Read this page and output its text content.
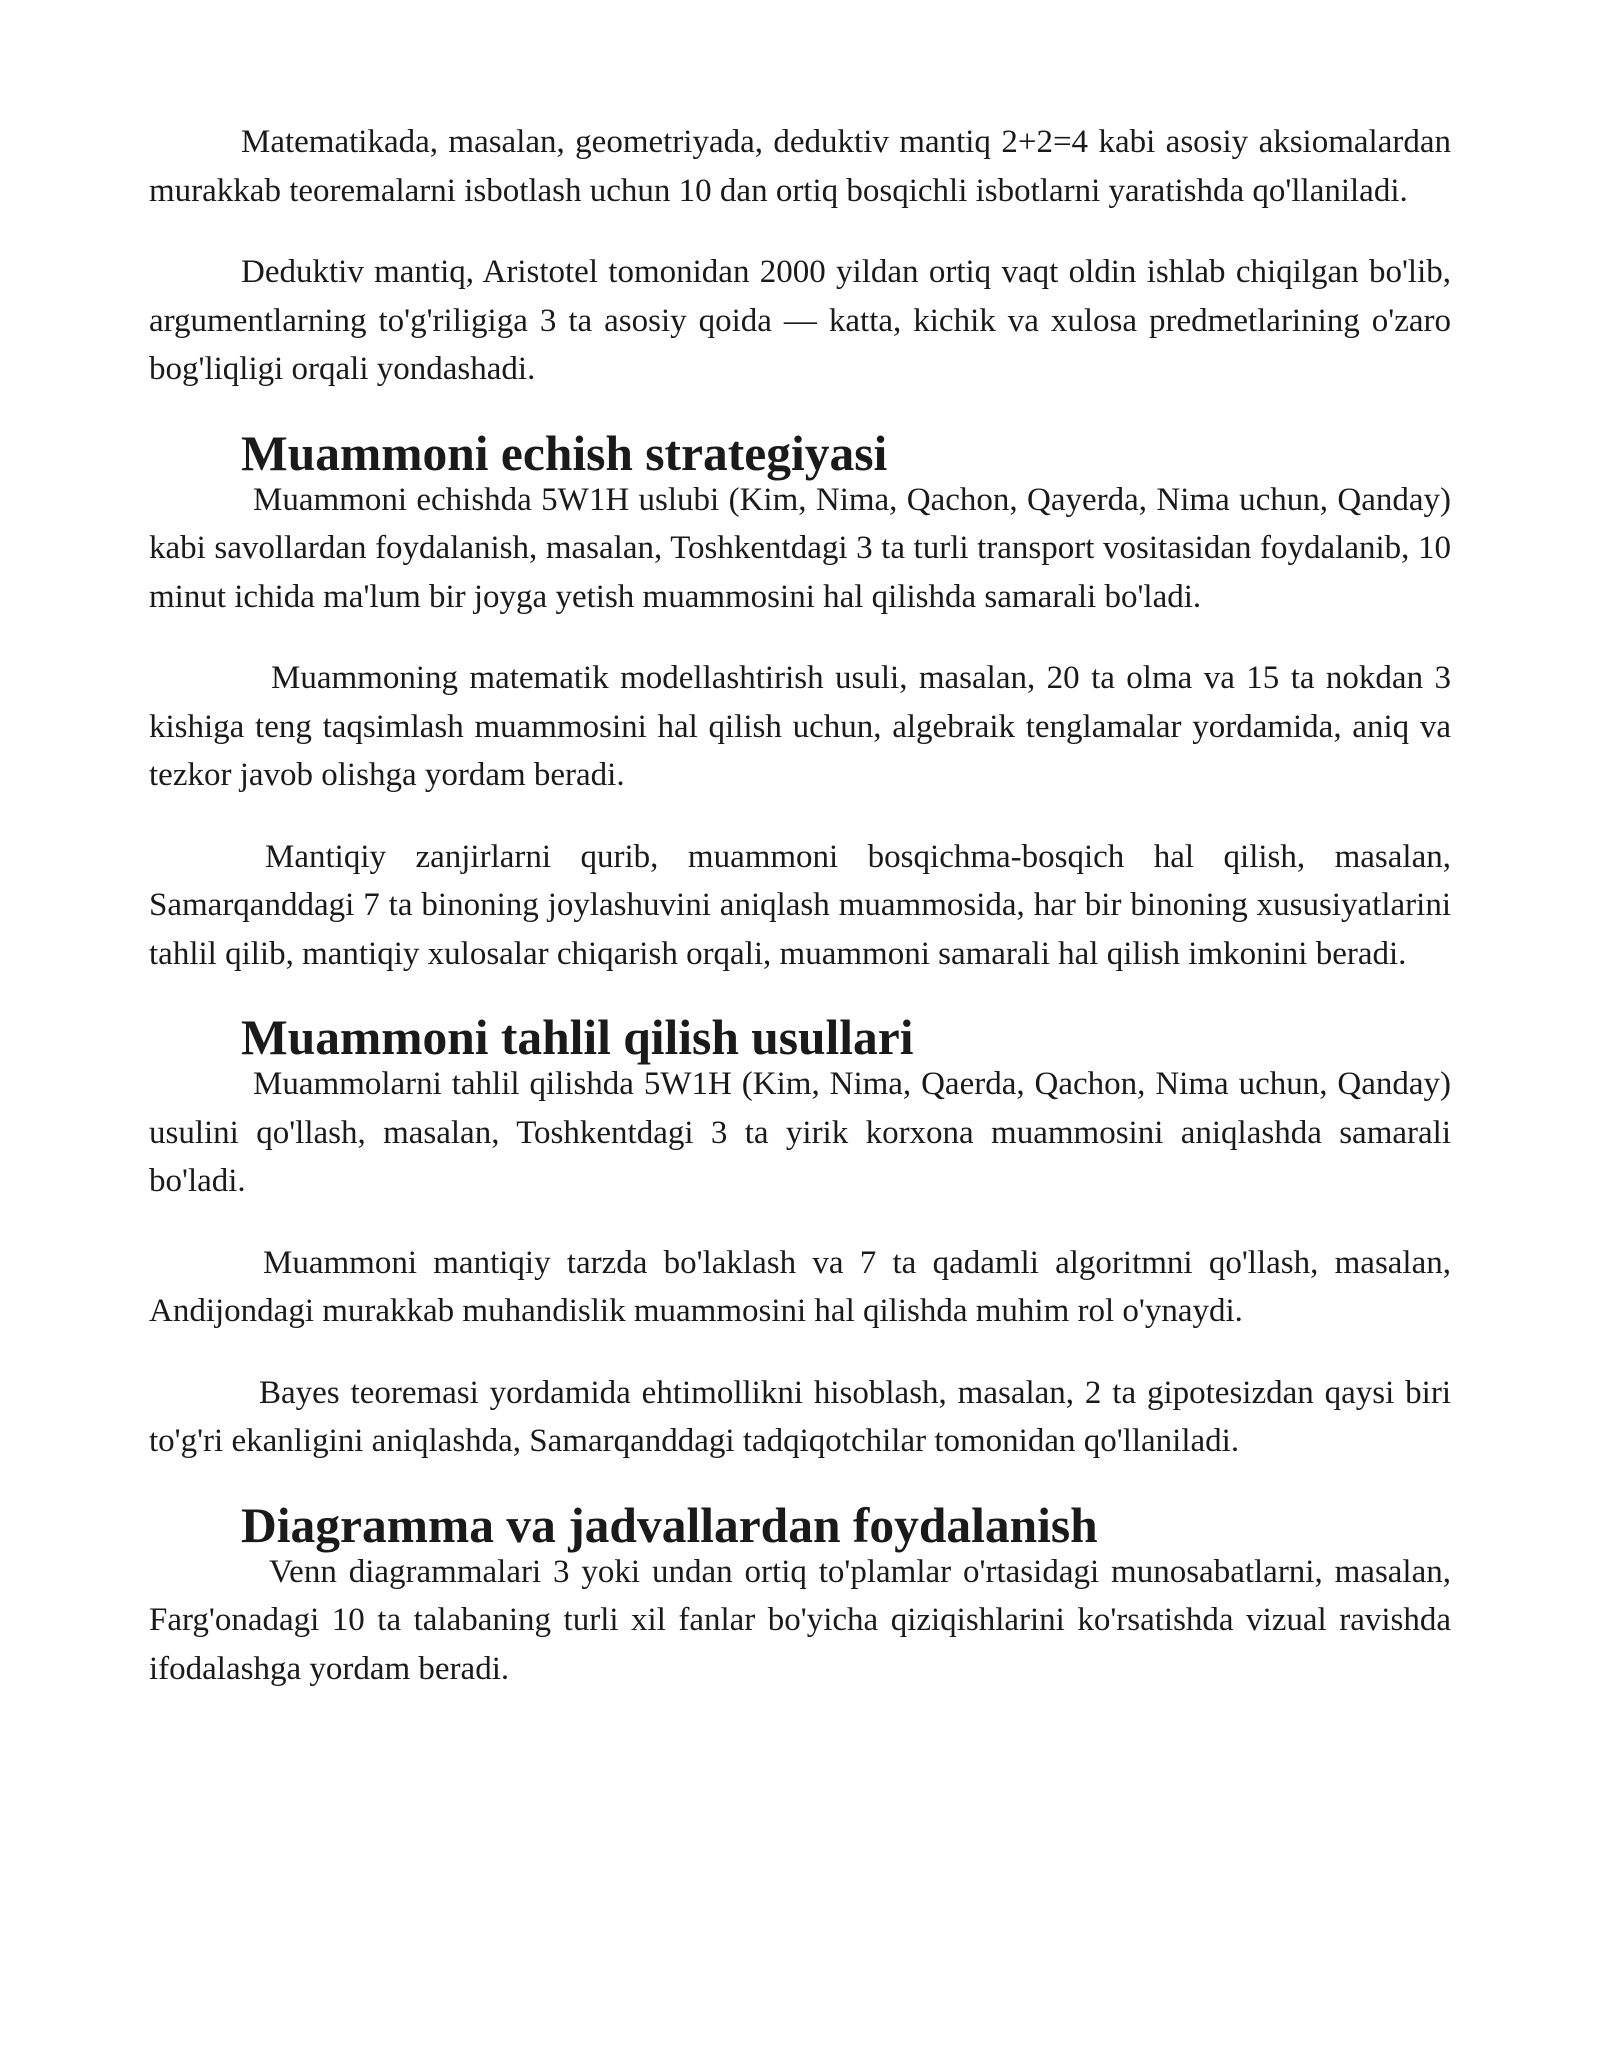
Matematikada, masalan, geometriyada, deduktiv mantiq 2+2=4 kabi asosiy aksiomalardan murakkab teoremalarni isbotlash uchun 10 dan ortiq bosqichli isbotlarni yaratishda qo'llaniladi.

Deduktiv mantiq, Aristotel tomonidan 2000 yildan ortiq vaqt oldin ishlab chiqilgan bo'lib, argumentlarning to'g'riligiga 3 ta asosiy qoida — katta, kichik va xulosa predmetlarining o'zaro bog'liqligi orqali yondashadi.

Muammoni echish strategiyasi

Muammoni echishda 5W1H uslubi (Kim, Nima, Qachon, Qayerda, Nima uchun, Qanday) kabi savollardan foydalanish, masalan, Toshkentdagi 3 ta turli transport vositasidan foydalanib, 10 minut ichida ma'lum bir joyga yetish muammosini hal qilishda samarali bo'ladi.

Muammoning matematik modellashtirish usuli, masalan, 20 ta olma va 15 ta nokdan 3 kishiga teng taqsimlash muammosini hal qilish uchun, algebraik tenglamalar yordamida, aniq va tezkor javob olishga yordam beradi.

Mantiqiy zanjirlarni qurib, muammoni bosqichma-bosqich hal qilish, masalan, Samarqanddagi 7 ta binoning joylashuvini aniqlash muammosida, har bir binoning xususiyatlarini tahlil qilib, mantiqiy xulosalar chiqarish orqali, muammoni samarali hal qilish imkonini beradi.

Muammoni tahlil qilish usullari

Muammolarni tahlil qilishda 5W1H (Kim, Nima, Qaerda, Qachon, Nima uchun, Qanday) usulini qo'llash, masalan, Toshkentdagi 3 ta yirik korxona muammosini aniqlashda samarali bo'ladi.

Muammoni mantiqiy tarzda bo'laklash va 7 ta qadamli algoritmni qo'llash, masalan, Andijondagi murakkab muhandislik muammosini hal qilishda muhim rol o'ynaydi.

Bayes teoremasi yordamida ehtimollikni hisoblash, masalan, 2 ta gipotesizdan qaysi biri to'g'ri ekanligini aniqlashda, Samarqanddagi tadqiqotchilar tomonidan qo'llaniladi.

Diagramma va jadvallardan foydalanish

Venn diagrammalari 3 yoki undan ortiq to'plamlar o'rtasidagi munosabatlarni, masalan, Farg'onadagi 10 ta talabaning turli xil fanlar bo'yicha qiziqishlarini ko'rsatishda vizual ravishda ifodalashga yordam beradi.
